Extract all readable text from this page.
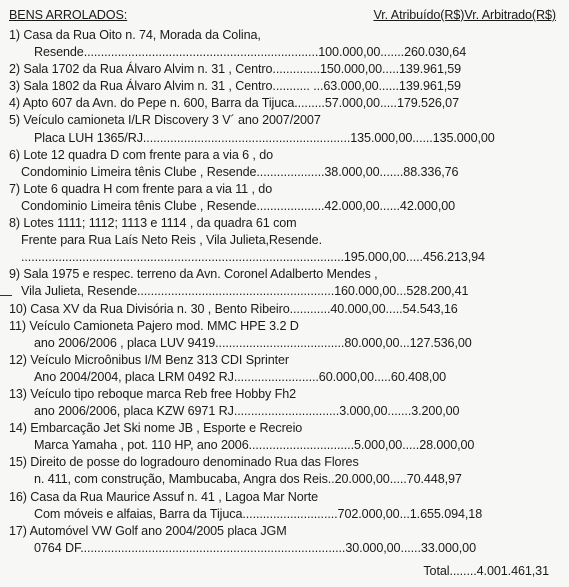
BENS ARROLADOS:	Vr. Atribuído(R$)Vr. Arbitrado(R$)
1) Casa da Rua Oito n. 74, Morada da Colina,
Resende.....................................................................100.000,00.......260.030,64
2) Sala 1702 da Rua Álvaro Alvim n. 31 , Centro..............150.000,00.....139.961,59
3) Sala 1802 da Rua Álvaro Alvim n. 31 , Centro........... ...63.000,00......139.961,59
4) Apto 607 da Avn. do Pepe n. 600, Barra da Tijuca.........57.000,00.....179.526,07
5) Veículo camioneta I/LR Discovery 3 V´ ano 2007/2007
Placa LUH 1365/RJ.............................................................135.000,00......135.000,00
6) Lote 12 quadra D com frente para a via 6 , do
Condominio Limeira tênis Clube , Resende....................38.000,00.......88.336,76
7) Lote 6 quadra H com frente para a via 11 , do
Condominio Limeira tênis Clube , Resende....................42.000,00......42.000,00
8) Lotes 1111; 1112; 1113 e 1114 , da quadra 61 com
Frente para Rua Laís Neto Reis , Vila Julieta,Resende.
...............................................................................................195.000,00.....456.213,94
9) Sala 1975 e respec. terreno da Avn. Coronel Adalberto Mendes ,
Vila Julieta, Resende..........................................................160.000,00...528.200,41
10) Casa XV da Rua Divisória n. 30 , Bento Ribeiro............40.000,00.....54.543,16
11) Veículo Camioneta Pajero mod. MMC HPE 3.2 D
ano 2006/2006 , placa LUV 9419......................................80.000,00...127.536,00
12) Veículo Microônibus I/M Benz 313 CDI Sprinter
Ano 2004/2004, placa LRM 0492 RJ.........................60.000,00.....60.408,00
13) Veículo tipo reboque marca Reb free Hobby Fh2
ano 2006/2006, placa KZW 6971 RJ...............................3.000,00.......3.200,00
14) Embarcação Jet Ski nome JB , Esporte e Recreio
Marca Yamaha , pot. 110 HP, ano 2006...............................5.000,00.....28.000,00
15) Direito de posse do logradouro denominado Rua das Flores
n. 411, com construção, Mambucaba, Angra dos Reis..20.000,00.....70.448,97
16) Casa da Rua Maurice Assuf n. 41 , Lagoa Mar Norte
Com móveis e alfaias, Barra da Tijuca............................702.000,00...1.655.094,18
17) Automóvel VW Golf ano 2004/2005 placa JGM
0764 DF..............................................................................30.000,00......33.000,00
Total........4.001.461,31
